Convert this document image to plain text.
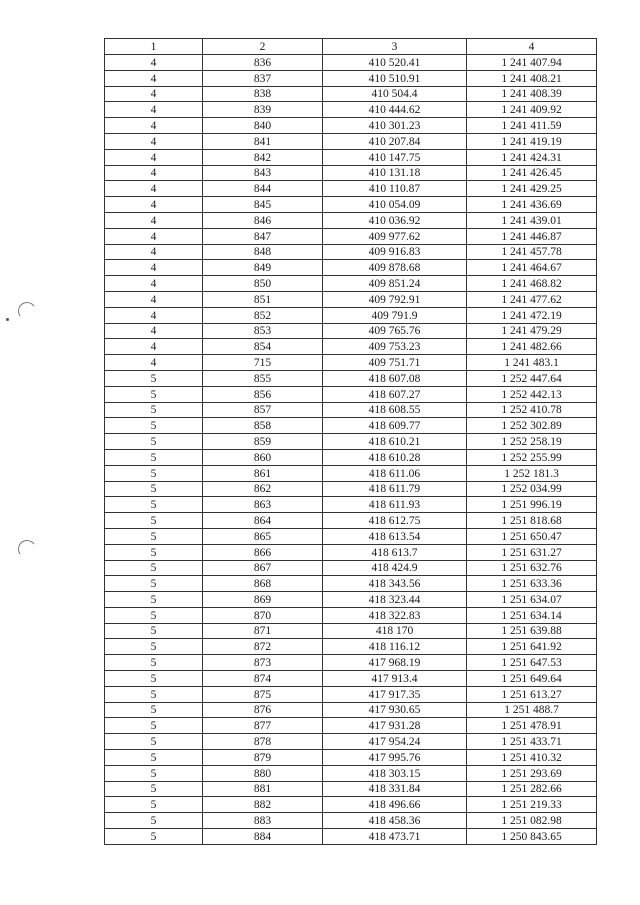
1	2	3	4
4	836	410 520.41	1 241 407.94
4	837	410 510.91	1 241 408.21
4	838	410 504.4	1 241 408.39
4	839	410 444.62	1 241 409.92
4	840	410 301.23	1 241 411.59
4	841	410 207.84	1 241 419.19
4	842	410 147.75	1 241 424.31
4	843	410 131.18	1 241 426.45
4	844	410 110.87	1 241 429.25
4	845	410 054.09	1 241 436.69
4	846	410 036.92	1 241 439.01
4	847	409 977.62	1 241 446.87
4	848	409 916.83	1 241 457.78
4	849	409 878.68	1 241 464.67
4	850	409 851.24	1 241 468.82
4	851	409 792.91	1 241 477.62
4	852	409 791.9	1 241 472.19
4	853	409 765.76	1 241 479.29
4	854	409 753.23	1 241 482.66
4	715	409 751.71	1 241 483.1
5	855	418 607.08	1 252 447.64
5	856	418 607.27	1 252 442.13
5	857	418 608.55	1 252 410.78
5	858	418 609.77	1 252 302.89
5	859	418 610.21	1 252 258.19
5	860	418 610.28	1 252 255.99
5	861	418 611.06	1 252 181.3
5	862	418 611.79	1 252 034.99
5	863	418 611.93	1 251 996.19
5	864	418 612.75	1 251 818.68
5	865	418 613.54	1 251 650.47
5	866	418 613.7	1 251 631.27
5	867	418 424.9	1 251 632.76
5	868	418 343.56	1 251 633.36
5	869	418 323.44	1 251 634.07
5	870	418 322.83	1 251 634.14
5	871	418 170	1 251 639.88
5	872	418 116.12	1 251 641.92
5	873	417 968.19	1 251 647.53
5	874	417 913.4	1 251 649.64
5	875	417 917.35	1 251 613.27
5	876	417 930.65	1 251 488.7
5	877	417 931.28	1 251 478.91
5	878	417 954.24	1 251 433.71
5	879	417 995.76	1 251 410.32
5	880	418 303.15	1 251 293.69
5	881	418 331.84	1 251 282.66
5	882	418 496.66	1 251 219.33
5	883	418 458.36	1 251 082.98
5	884	418 473.71	1 250 843.65
